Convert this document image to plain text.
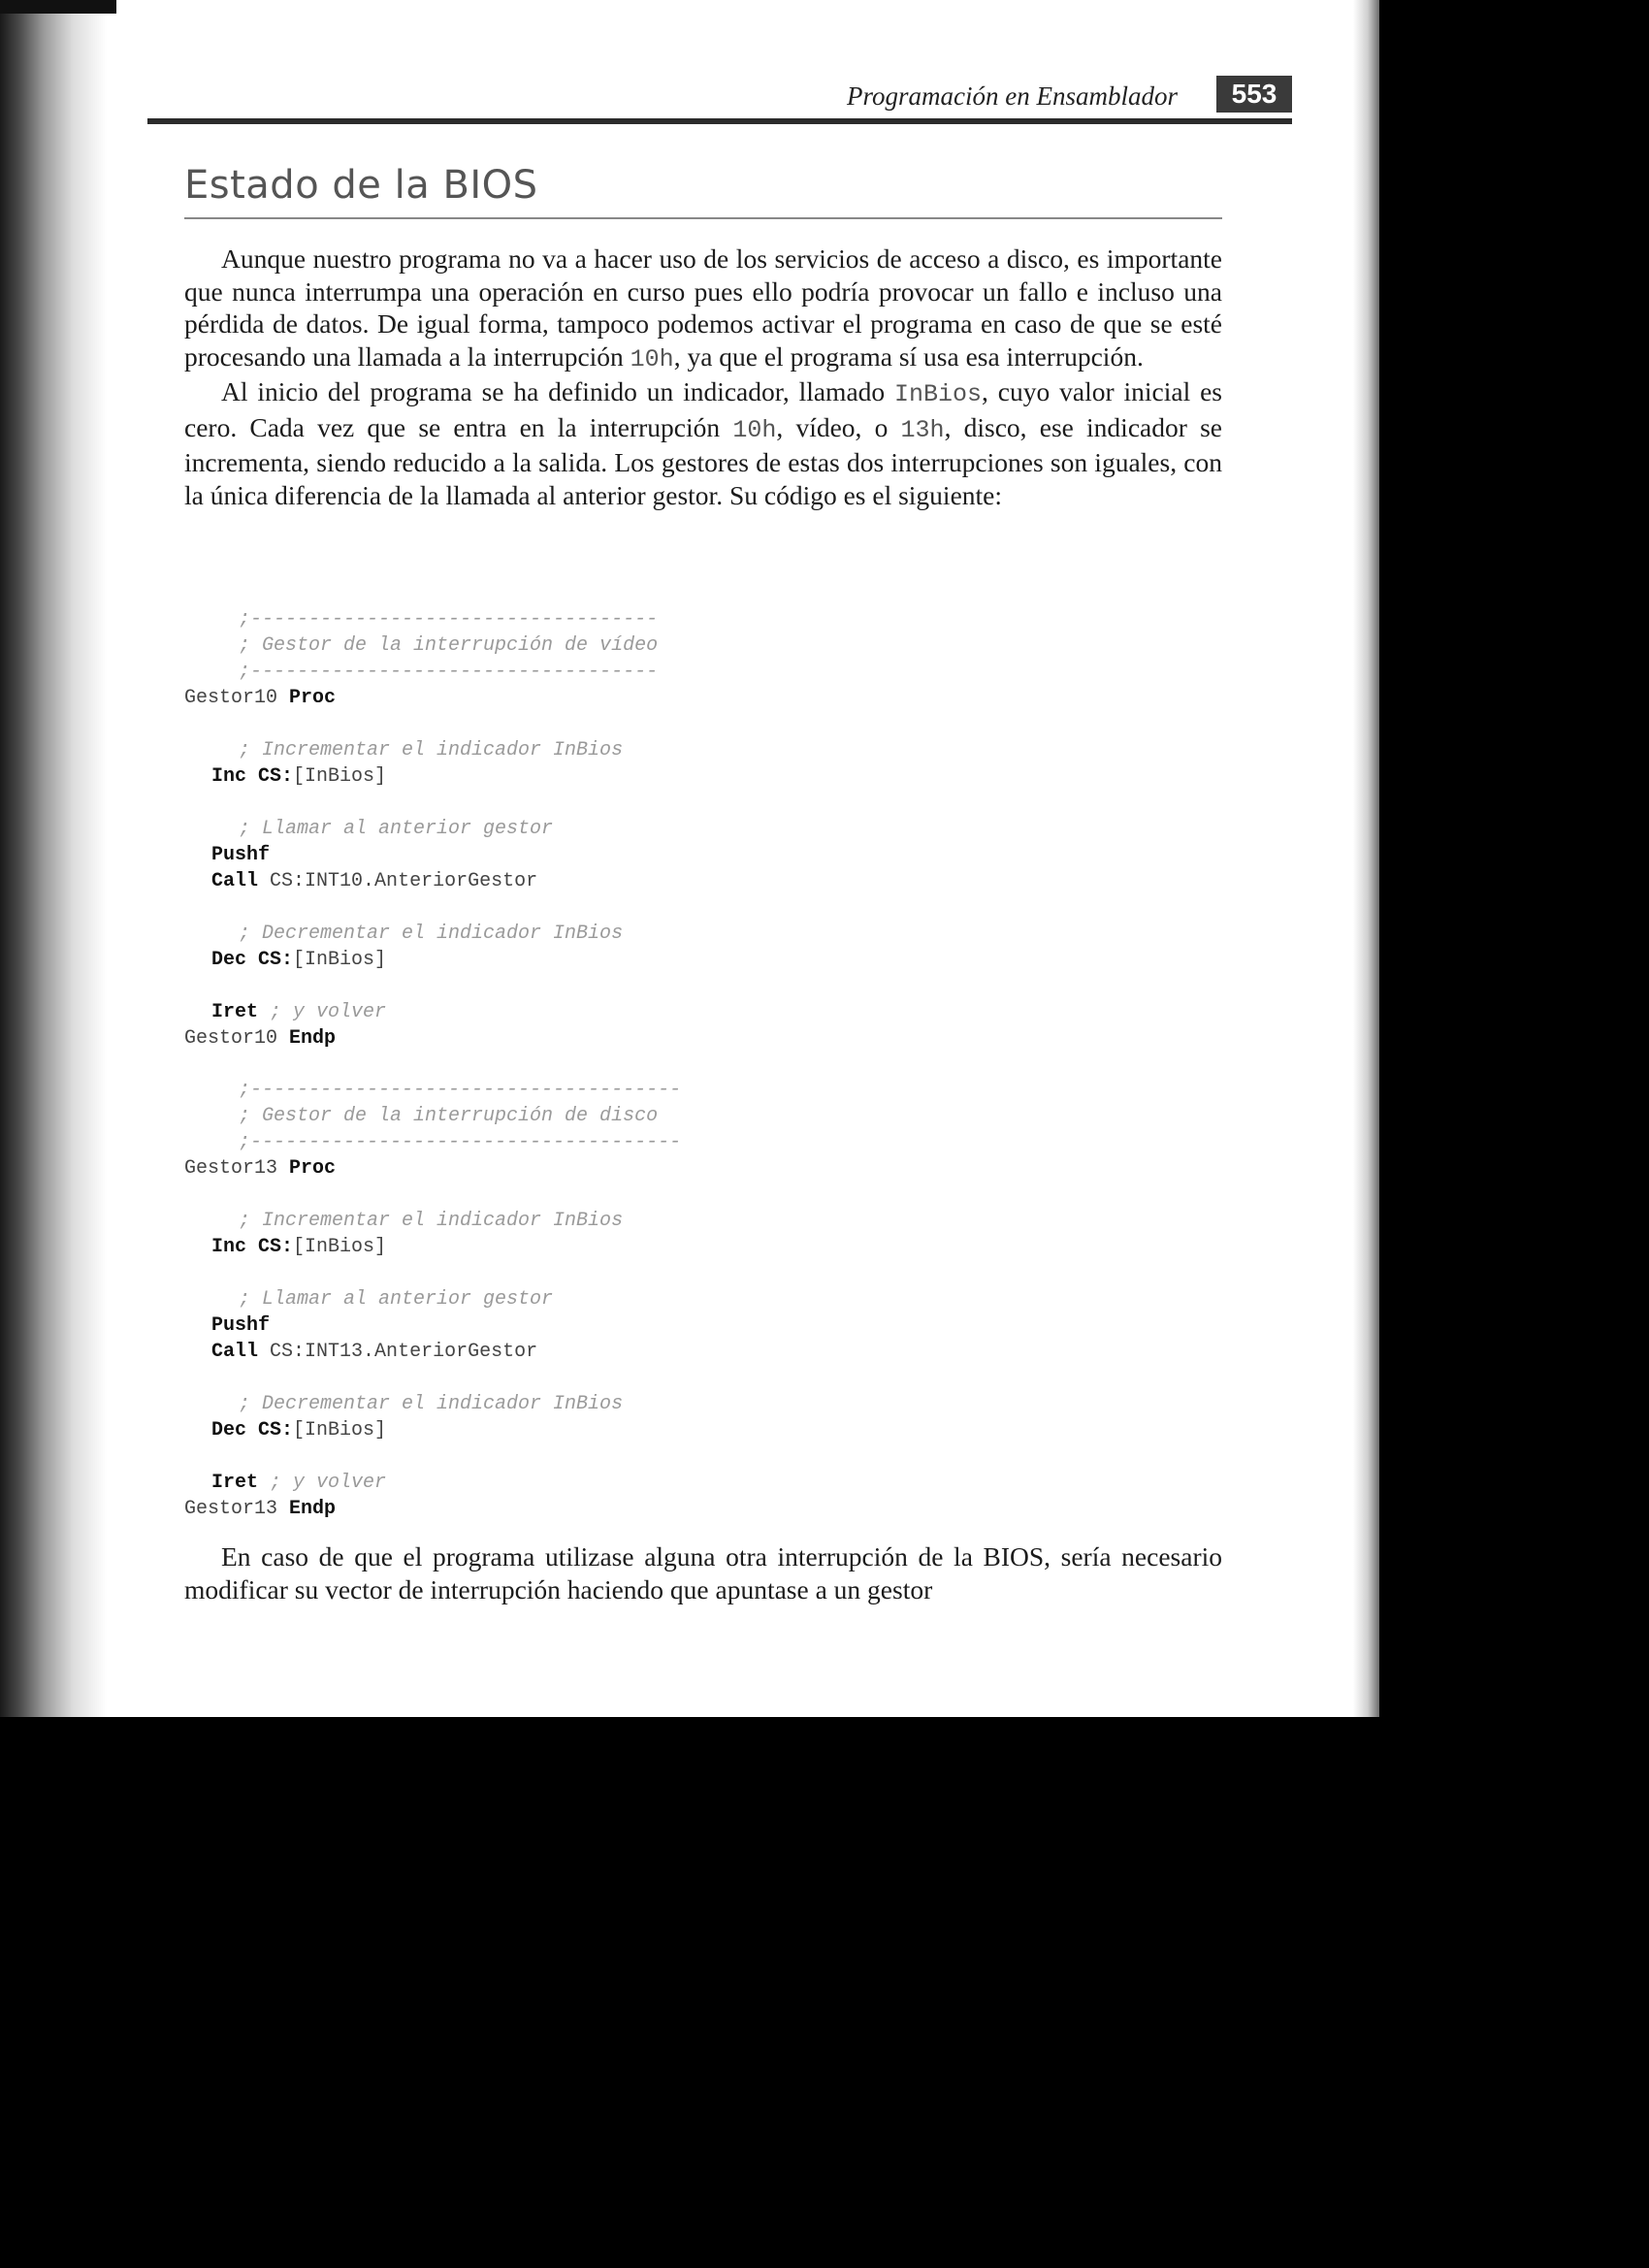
Programación en Ensamblador	553
Estado de la BIOS

Aunque nuestro programa no va a hacer uso de los servicios de acceso a disco, es importante que nunca interrumpa una operación en curso pues ello podría provocar un fallo e incluso una pérdida de datos. De igual forma, tampoco podemos activar el programa en caso de que se esté procesando una llamada a la interrupción 10h, ya que el programa sí usa esa interrupción.

Al inicio del programa se ha definido un indicador, llamado InBios, cuyo valor inicial es cero. Cada vez que se entra en la interrupción 10h, vídeo, o 13h, disco, ese indicador se incrementa, siendo reducido a la salida. Los gestores de estas dos interrupciones son iguales, con la única diferencia de la llamada al anterior gestor. Su código es el siguiente:

;-----------------------------------
; Gestor de la interrupción de vídeo
;-----------------------------------
Gestor10 Proc
; Incrementar el indicador InBios
Inc CS:[InBios]
; Llamar al anterior gestor
Pushf
Call CS:INT10.AnteriorGestor
; Decrementar el indicador InBios
Dec CS:[InBios]
Iret ; y volver
Gestor10 Endp
;-------------------------------------
; Gestor de la interrupción de disco
;-------------------------------------
Gestor13 Proc
; Incrementar el indicador InBios
Inc CS:[InBios]
; Llamar al anterior gestor
Pushf
Call CS:INT13.AnteriorGestor
; Decrementar el indicador InBios
Dec CS:[InBios]
Iret ; y volver
Gestor13 Endp

En caso de que el programa utilizase alguna otra interrupción de la BIOS, sería necesario modificar su vector de interrupción haciendo que apuntase a un gestor
